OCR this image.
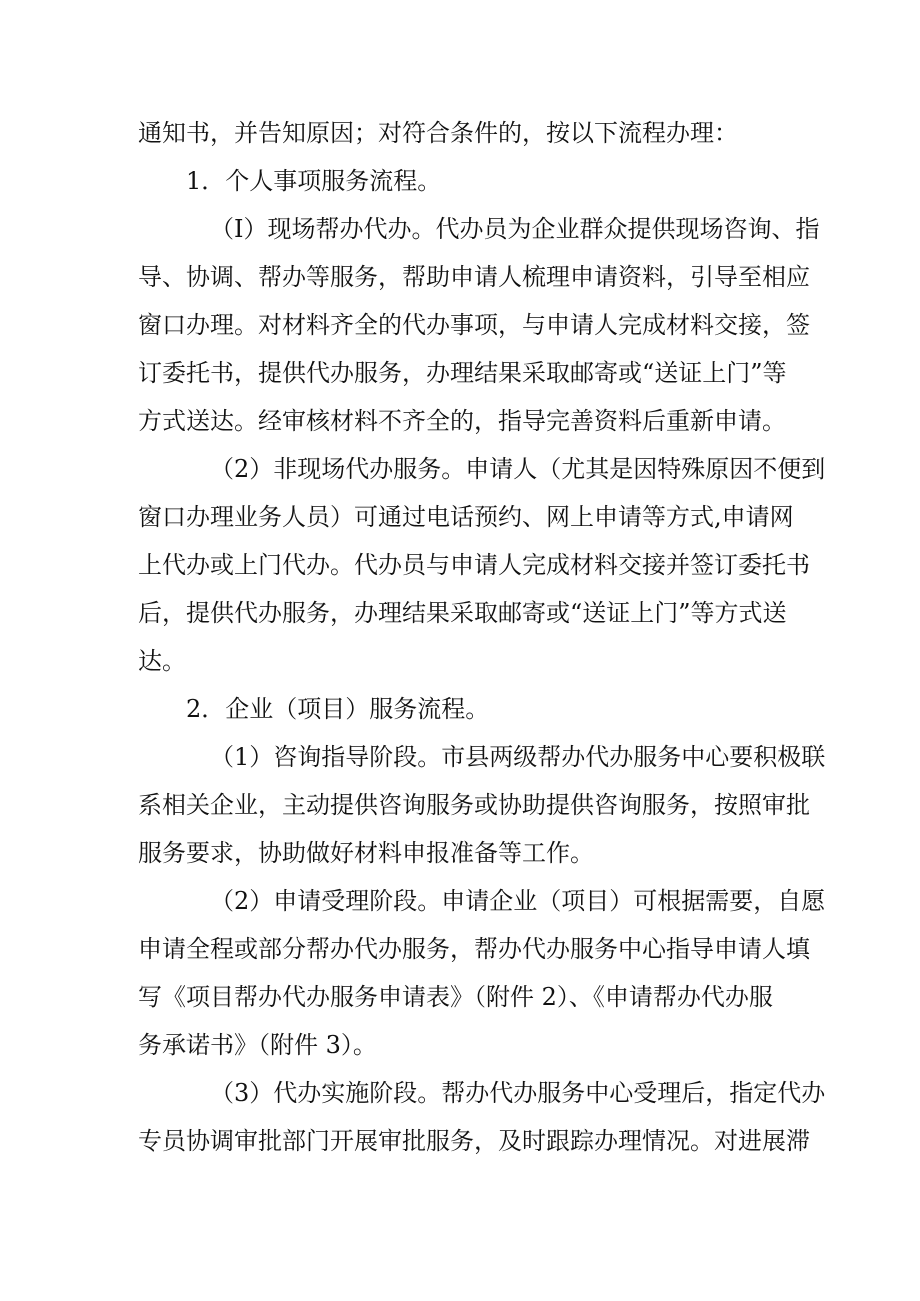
通知书，并告知原因；对符合条件的，按以下流程办理：
1．个人事项服务流程。
（I）现场帮办代办。代办员为企业群众提供现场咨询、指
导、协调、帮办等服务，帮助申请人梳理申请资料，引导至相应
窗口办理。对材料齐全的代办事项，与申请人完成材料交接，签
订委托书，提供代办服务，办理结果采取邮寄或“送证上门”等
方式送达。经审核材料不齐全的，指导完善资料后重新申请。
（2）非现场代办服务。申请人（尤其是因特殊原因不便到
窗口办理业务人员）可通过电话预约、网上申请等方式,申请网
上代办或上门代办。代办员与申请人完成材料交接并签订委托书
后，提供代办服务，办理结果采取邮寄或“送证上门”等方式送
达。
2．企业（项目）服务流程。
（1）咨询指导阶段。市县两级帮办代办服务中心要积极联
系相关企业，主动提供咨询服务或协助提供咨询服务，按照审批
服务要求，协助做好材料申报准备等工作。
（2）申请受理阶段。申请企业（项目）可根据需要，自愿
申请全程或部分帮办代办服务，帮办代办服务中心指导申请人填
写《项目帮办代办服务申请表》（附件 2）、《申请帮办代办服
务承诺书》（附件 3）。
（3）代办实施阶段。帮办代办服务中心受理后，指定代办
专员协调审批部门开展审批服务，及时跟踪办理情况。对进展滞
